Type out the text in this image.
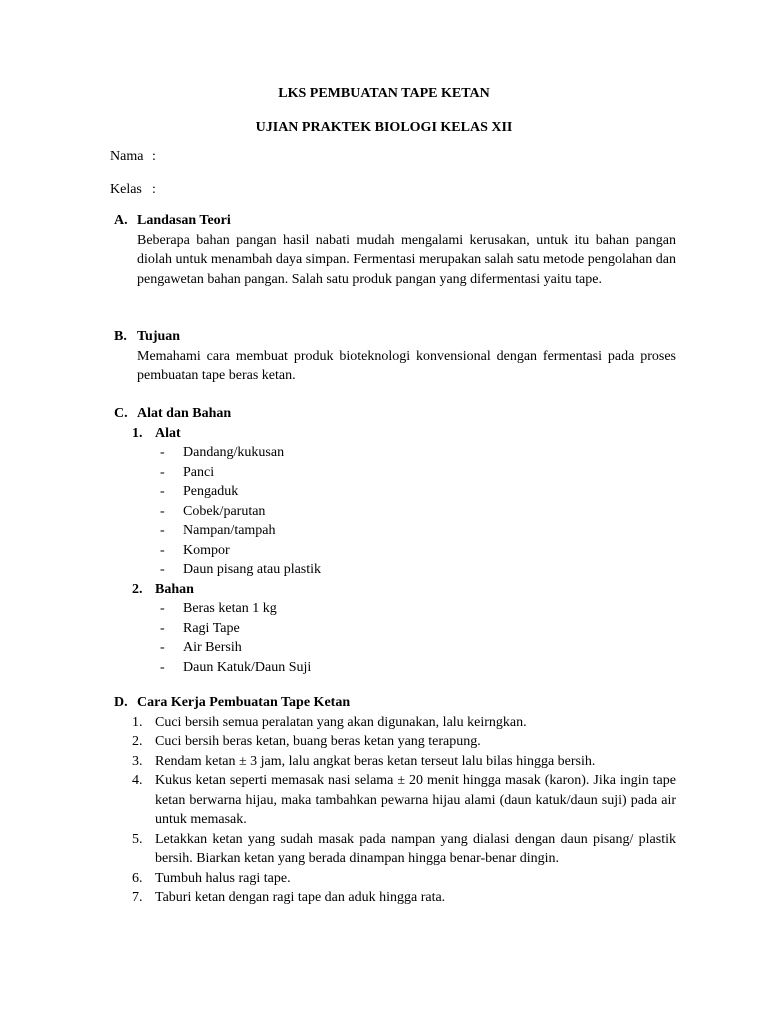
LKS PEMBUATAN TAPE KETAN
UJIAN PRAKTEK BIOLOGI KELAS XII
Nama :
Kelas :
A. Landasan Teori
Beberapa bahan pangan hasil nabati mudah mengalami kerusakan, untuk itu bahan pangan diolah untuk menambah daya simpan. Fermentasi merupakan salah satu metode pengolahan dan pengawetan bahan pangan. Salah satu produk pangan yang difermentasi yaitu tape.
B. Tujuan
Memahami cara membuat produk bioteknologi konvensional dengan fermentasi pada proses pembuatan tape beras ketan.
C. Alat dan Bahan
1. Alat
- Dandang/kukusan
- Panci
- Pengaduk
- Cobek/parutan
- Nampan/tampah
- Kompor
- Daun pisang atau plastik
2. Bahan
- Beras ketan 1 kg
- Ragi Tape
- Air Bersih
- Daun Katuk/Daun Suji
D. Cara Kerja Pembuatan Tape Ketan
1. Cuci bersih semua peralatan yang akan digunakan, lalu keirngkan.
2. Cuci bersih beras ketan, buang beras ketan yang terapung.
3. Rendam ketan ± 3 jam, lalu angkat beras ketan terseut lalu bilas hingga bersih.
4. Kukus ketan seperti memasak nasi selama ± 20 menit hingga masak (karon). Jika ingin tape ketan berwarna hijau, maka tambahkan pewarna hijau alami (daun katuk/daun suji) pada air untuk memasak.
5. Letakkan ketan yang sudah masak pada nampan yang dialasi dengan daun pisang/ plastik bersih. Biarkan ketan yang berada dinampan hingga benar-benar dingin.
6. Tumbuh halus ragi tape.
7. Taburi ketan dengan ragi tape dan aduk hingga rata.
